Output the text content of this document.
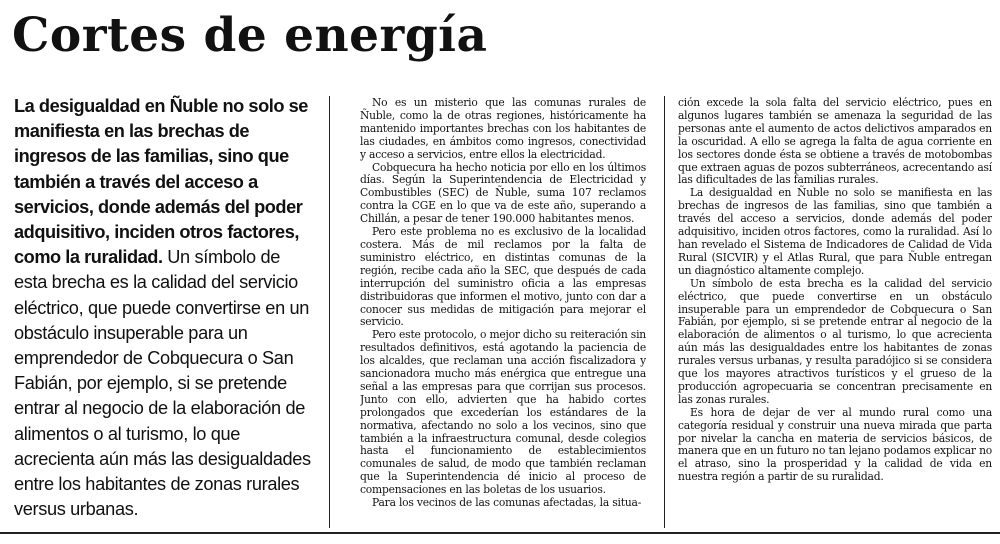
Cortes de energía

La desigualdad en Ñuble no solo se manifiesta en las brechas de ingresos de las familias, sino que también a través del acceso a servicios, donde además del poder adquisitivo, inciden otros factores, como la ruralidad. Un símbolo de esta brecha es la calidad del servicio eléctrico, que puede convertirse en un obstáculo insuperable para un emprendedor de Cobquecura o San Fabián, por ejemplo, si se pretende entrar al negocio de la elaboración de alimentos o al turismo, lo que acrecienta aún más las desigualdades entre los habitantes de zonas rurales versus urbanas.

No es un misterio que las comunas rurales de Ñuble, como la de otras regiones, históricamente ha mantenido importantes brechas con los habitantes de las ciudades, en ámbitos como ingresos, conectividad y acceso a servicios, entre ellos la electricidad.

Cobquecura ha hecho noticia por ello en los últimos días. Según la Superintendencia de Electricidad y Combustibles (SEC) de Ñuble, suma 107 reclamos contra la CGE en lo que va de este año, superando a Chillán, a pesar de tener 190.000 habitantes menos.

Pero este problema no es exclusivo de la localidad costera. Más de mil reclamos por la falta de suministro eléctrico, en distintas comunas de la región, recibe cada año la SEC, que después de cada interrupción del suministro oficia a las empresas distribuidoras que informen el motivo, junto con dar a conocer sus medidas de mitigación para mejorar el servicio.

Pero este protocolo, o mejor dicho su reiteración sin resultados definitivos, está agotando la paciencia de los alcaldes, que reclaman una acción fiscalizadora y sancionadora mucho más enérgica que entregue una señal a las empresas para que corrijan sus procesos. Junto con ello, advierten que ha habido cortes prolongados que excederían los estándares de la normativa, afectando no solo a los vecinos, sino que también a la infraestructura comunal, desde colegios hasta el funcionamiento de establecimientos comunales de salud, de modo que también reclaman que la Superintendencia dé inicio al proceso de compensaciones en las boletas de los usuarios.

Para los vecinos de las comunas afectadas, la situa-

ción excede la sola falta del servicio eléctrico, pues en algunos lugares también se amenaza la seguridad de las personas ante el aumento de actos delictivos amparados en la oscuridad. A ello se agrega la falta de agua corriente en los sectores donde ésta se obtiene a través de motobombas que extraen aguas de pozos subterráneos, acrecentando así las dificultades de las familias rurales.

La desigualdad en Ñuble no solo se manifiesta en las brechas de ingresos de las familias, sino que también a través del acceso a servicios, donde además del poder adquisitivo, inciden otros factores, como la ruralidad. Así lo han revelado el Sistema de Indicadores de Calidad de Vida Rural (SICVIR) y el Atlas Rural, que para Ñuble entregan un diagnóstico altamente complejo.

Un símbolo de esta brecha es la calidad del servicio eléctrico, que puede convertirse en un obstáculo insuperable para un emprendedor de Cobquecura o San Fabián, por ejemplo, si se pretende entrar al negocio de la elaboración de alimentos o al turismo, lo que acrecienta aún más las desigualdades entre los habitantes de zonas rurales versus urbanas, y resulta paradójico si se considera que los mayores atractivos turísticos y el grueso de la producción agropecuaria se concentran precisamente en las zonas rurales.

Es hora de dejar de ver al mundo rural como una categoría residual y construir una nueva mirada que parta por nivelar la cancha en materia de servicios básicos, de manera que en un futuro no tan lejano podamos explicar no el atraso, sino la prosperidad y la calidad de vida en nuestra región a partir de su ruralidad.
